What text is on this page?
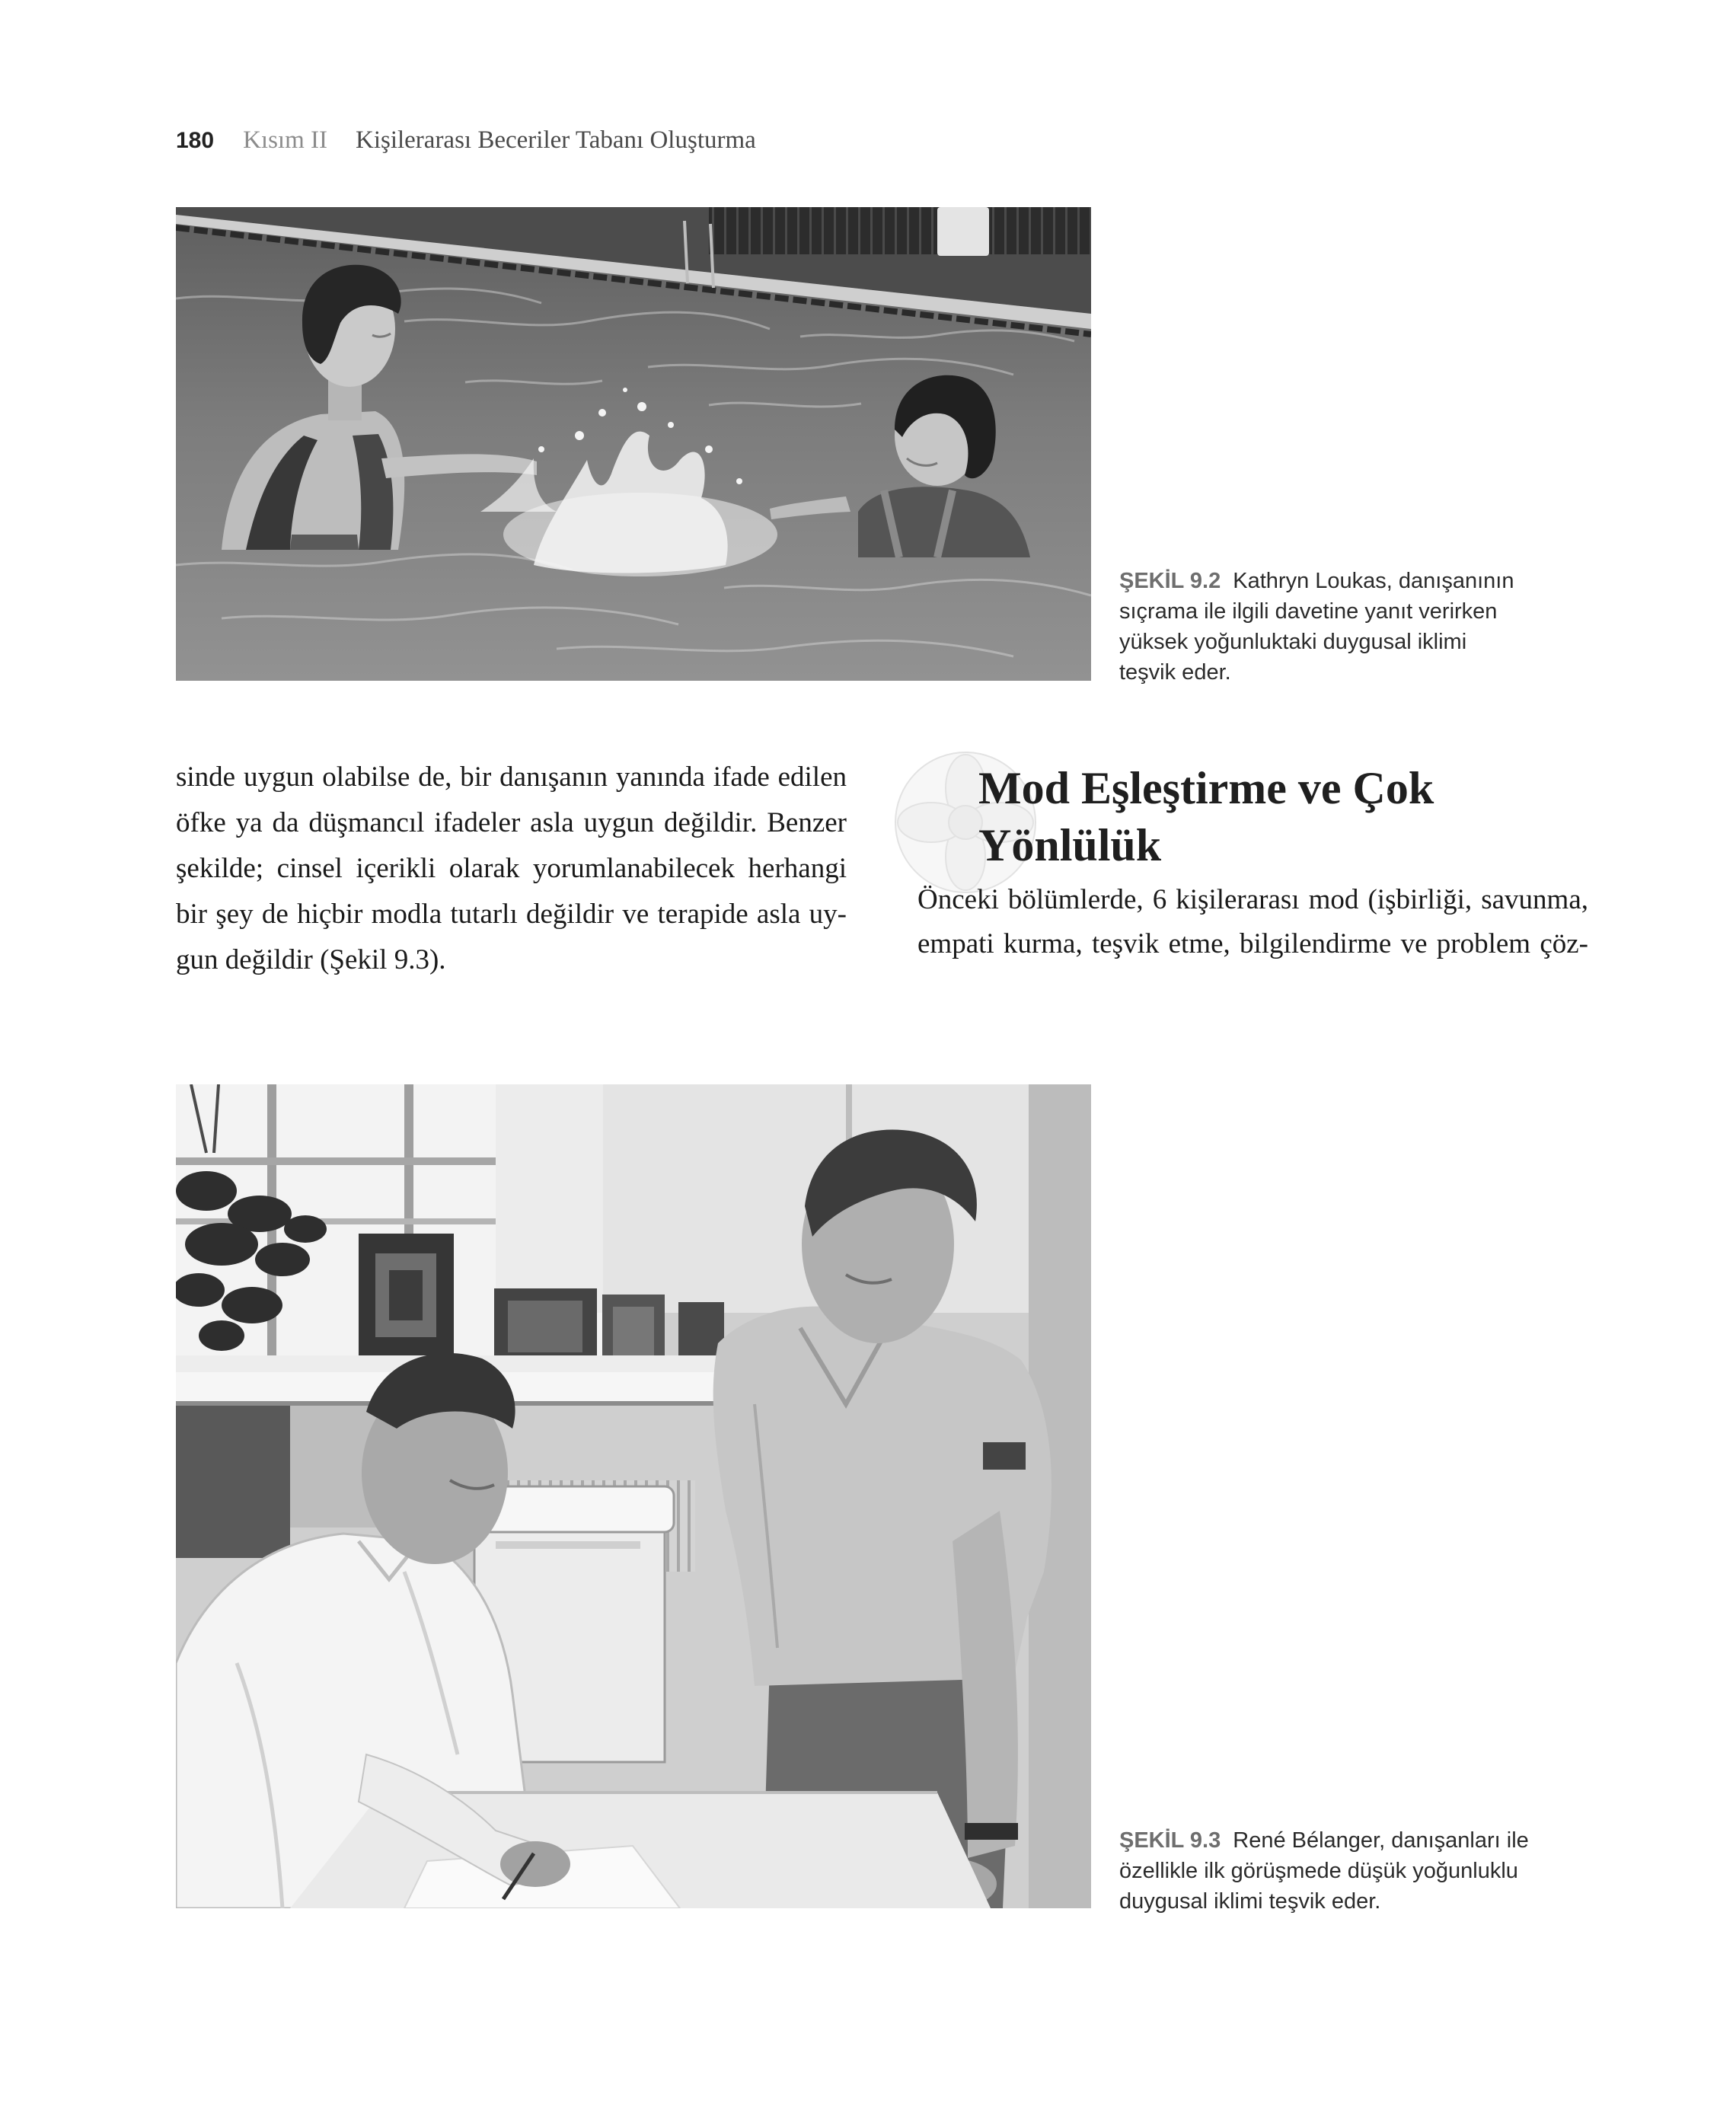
180 Kısım II Kişilerarası Beceriler Tabanı Oluşturma
ŞEKİL 9.2 Kathryn Loukas, danışanının
sıçrama ile ilgili davetine yanıt verirken
yüksek yoğunluktaki duygusal iklimi
teşvik eder.
sinde uygun olabilse de, bir danışanın yanında ifade edilen
öfke ya da düşmancıl ifadeler asla uygun değildir. Benzer
şekilde; cinsel içerikli olarak yorumlanabilecek herhangi
bir şey de hiçbir modla tutarlı değildir ve terapide asla uy-
gun değildir (Şekil 9.3).
Mod Eşleştirme ve Çok
Yönlülük
Önceki bölümlerde, 6 kişilerarası mod (işbirliği, savunma,
empati kurma, teşvik etme, bilgilendirme ve problem çöz-
ŞEKİL 9.3 René Bélanger, danışanları ile
özellikle ilk görüşmede düşük yoğunluklu
duygusal iklimi teşvik eder.
